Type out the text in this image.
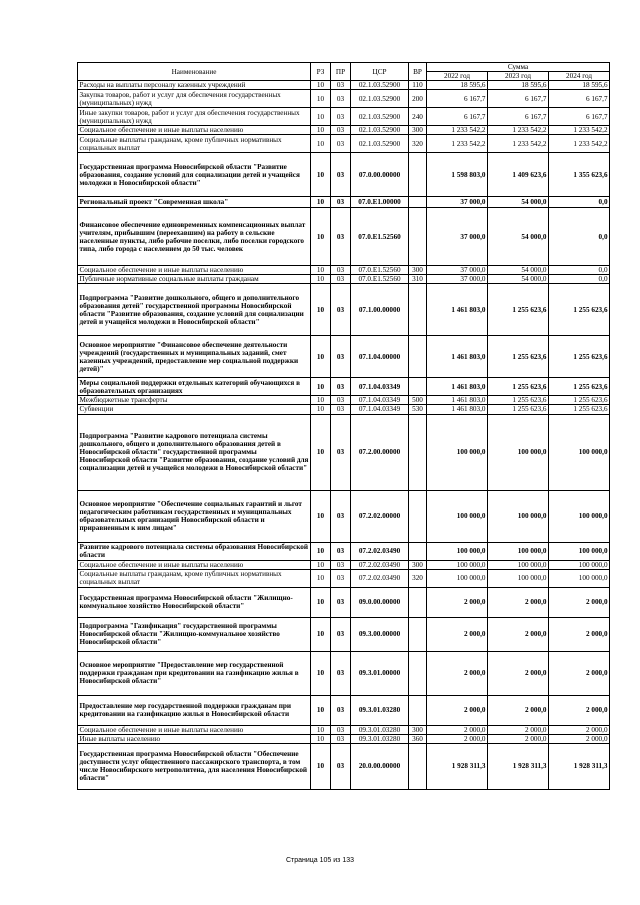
Наименование	РЗ	ПР	ЦСР	ВР	Сумма		
					2022 год	2023 год	2024 год
Расходы на выплаты персоналу казенных учреждений	10	03	02.1.03.52900	110	18 595,6	18 595,6	18 595,6
Закупка товаров, работ и услуг для обеспечения государственных (муниципальных) нужд	10	03	02.1.03.52900	200	6 167,7	6 167,7	6 167,7
Иные закупки товаров, работ и услуг для обеспечения государственных (муниципальных) нужд	10	03	02.1.03.52900	240	6 167,7	6 167,7	6 167,7
Социальное обеспечение и иные выплаты населению	10	03	02.1.03.52900	300	1 233 542,2	1 233 542,2	1 233 542,2
Социальные выплаты гражданам, кроме публичных нормативных социальных выплат	10	03	02.1.03.52900	320	1 233 542,2	1 233 542,2	1 233 542,2
Государственная программа Новосибирской области "Развитие образования, создание условий для социализации детей и учащейся молодежи в Новосибирской области"	10	03	07.0.00.00000		1 598 803,0	1 409 623,6	1 355 623,6
Региональный проект "Современная школа"	10	03	07.0.E1.00000		37 000,0	54 000,0	0,0
Финансовое обеспечение единовременных компенсационных выплат учителям, прибывшим (переехавшим) на работу в сельские населенные пункты, либо рабочие поселки, либо поселки городского типа, либо города с населением до 50 тыс. человек	10	03	07.0.E1.52560		37 000,0	54 000,0	0,0
Социальное обеспечение и иные выплаты населению	10	03	07.0.E1.52560	300	37 000,0	54 000,0	0,0
Публичные нормативные социальные выплаты гражданам	10	03	07.0.E1.52560	310	37 000,0	54 000,0	0,0
Подпрограмма "Развитие дошкольного, общего и дополнительного образования детей" государственной программы Новосибирской области "Развитие образования, создание условий для социализации детей и учащейся молодежи в Новосибирской области"	10	03	07.1.00.00000		1 461 803,0	1 255 623,6	1 255 623,6
Основное мероприятие "Финансовое обеспечение деятельности учреждений (государственных и муниципальных заданий, смет казенных учреждений, предоставление мер социальной поддержки детей)"	10	03	07.1.04.00000		1 461 803,0	1 255 623,6	1 255 623,6
Меры социальной поддержки отдельных категорий обучающихся в образовательных организациях	10	03	07.1.04.03349		1 461 803,0	1 255 623,6	1 255 623,6
Межбюджетные трансферты	10	03	07.1.04.03349	500	1 461 803,0	1 255 623,6	1 255 623,6
Субвенции	10	03	07.1.04.03349	530	1 461 803,0	1 255 623,6	1 255 623,6
Подпрограмма "Развитие кадрового потенциала системы дошкольного, общего и дополнительного образования детей в Новосибирской области" государственной программы Новосибирской области "Развитие образования, создание условий для социализации детей и учащейся молодежи в Новосибирской области"	10	03	07.2.00.00000		100 000,0	100 000,0	100 000,0
Основное мероприятие "Обеспечение социальных гарантий и льгот педагогическим работникам государственных и муниципальных образовательных организаций Новосибирской области и приравненным к ним лицам"	10	03	07.2.02.00000		100 000,0	100 000,0	100 000,0
Развитие кадрового потенциала системы образования Новосибирской области	10	03	07.2.02.03490		100 000,0	100 000,0	100 000,0
Социальное обеспечение и иные выплаты населению	10	03	07.2.02.03490	300	100 000,0	100 000,0	100 000,0
Социальные выплаты гражданам, кроме публичных нормативных социальных выплат	10	03	07.2.02.03490	320	100 000,0	100 000,0	100 000,0
Государственная программа Новосибирской области "Жилищно-коммунальное хозяйство Новосибирской области"	10	03	09.0.00.00000		2 000,0	2 000,0	2 000,0
Подпрограмма "Газификация" государственной программы Новосибирской области "Жилищно-коммунальное хозяйство Новосибирской области"	10	03	09.3.00.00000		2 000,0	2 000,0	2 000,0
Основное мероприятие "Предоставление мер государственной поддержки гражданам при кредитовании на газификацию жилья в Новосибирской области"	10	03	09.3.01.00000		2 000,0	2 000,0	2 000,0
Предоставление мер государственной поддержки гражданам при кредитовании на газификацию жилья в Новосибирской области	10	03	09.3.01.03280		2 000,0	2 000,0	2 000,0
Социальное обеспечение и иные выплаты населению	10	03	09.3.01.03280	300	2 000,0	2 000,0	2 000,0
Иные выплаты населению	10	03	09.3.01.03280	360	2 000,0	2 000,0	2 000,0
Государственная программа Новосибирской области "Обеспечение доступности услуг общественного пассажирского транспорта, в том числе Новосибирского метрополитена, для населения Новосибирской области"	10	03	20.0.00.00000		1 928 311,3	1 928 311,3	1 928 311,3
Страница 105 из 133
